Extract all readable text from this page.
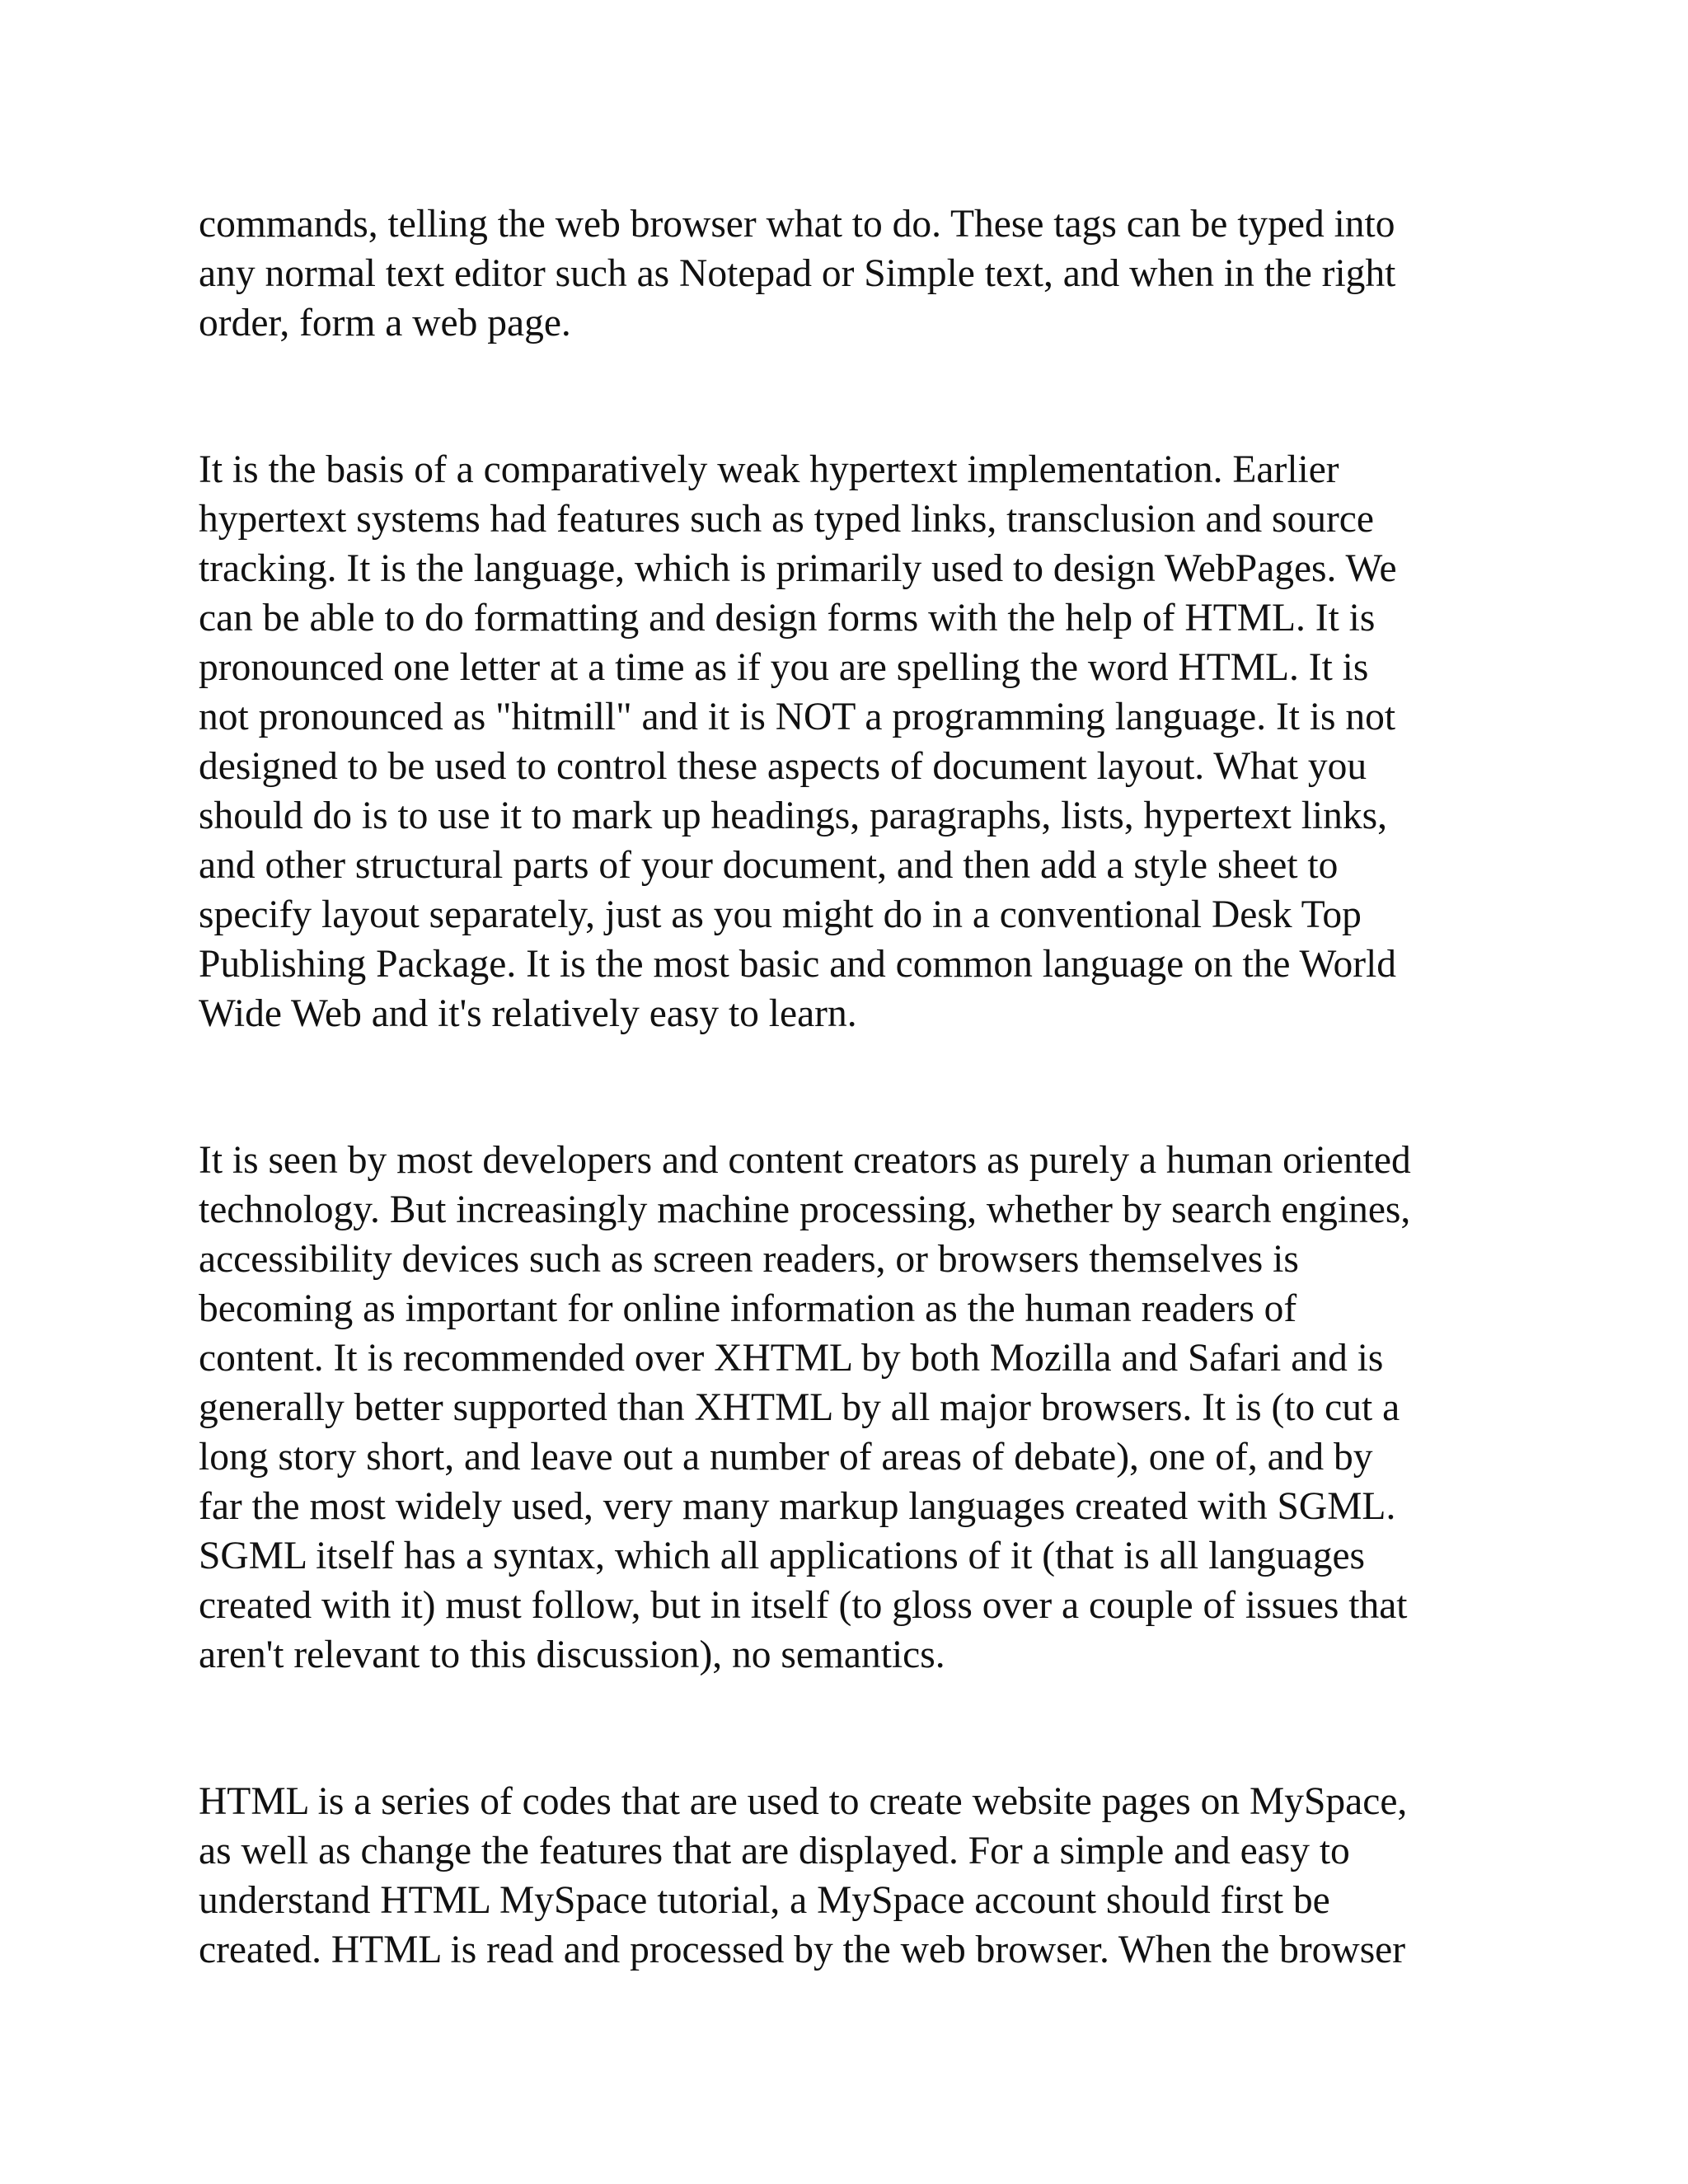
commands, telling the web browser what to do. These tags can be typed into

any normal text editor such as Notepad or Simple text, and when in the right

order, form a web page.

It is the basis of a comparatively weak hypertext implementation. Earlier

hypertext systems had features such as typed links, transclusion and source

tracking. It is the language, which is primarily used to design WebPages. We

can be able to do formatting and design forms with the help of HTML. It is

pronounced one letter at a time as if you are spelling the word HTML. It is

not pronounced as "hitmill" and it is NOT a programming language. It is not

designed to be used to control these aspects of document layout. What you

should do is to use it to mark up headings, paragraphs, lists, hypertext links,

and other structural parts of your document, and then add a style sheet to

specify layout separately, just as you might do in a conventional Desk Top

Publishing Package. It is the most basic and common language on the World

Wide Web and it's relatively easy to learn.

It is seen by most developers and content creators as purely a human oriented

technology. But increasingly machine processing, whether by search engines,

accessibility devices such as screen readers, or browsers themselves is

becoming as important for online information as the human readers of

content. It is recommended over XHTML by both Mozilla and Safari and is

generally better supported than XHTML by all major browsers. It is (to cut a

long story short, and leave out a number of areas of debate), one of, and by

far the most widely used, very many markup languages created with SGML.

SGML itself has a syntax, which all applications of it (that is all languages

created with it) must follow, but in itself (to gloss over a couple of issues that

aren't relevant to this discussion), no semantics.

HTML is a series of codes that are used to create website pages on MySpace,

as well as change the features that are displayed. For a simple and easy to

understand HTML MySpace tutorial, a MySpace account should first be

created. HTML is read and processed by the web browser. When the browser
